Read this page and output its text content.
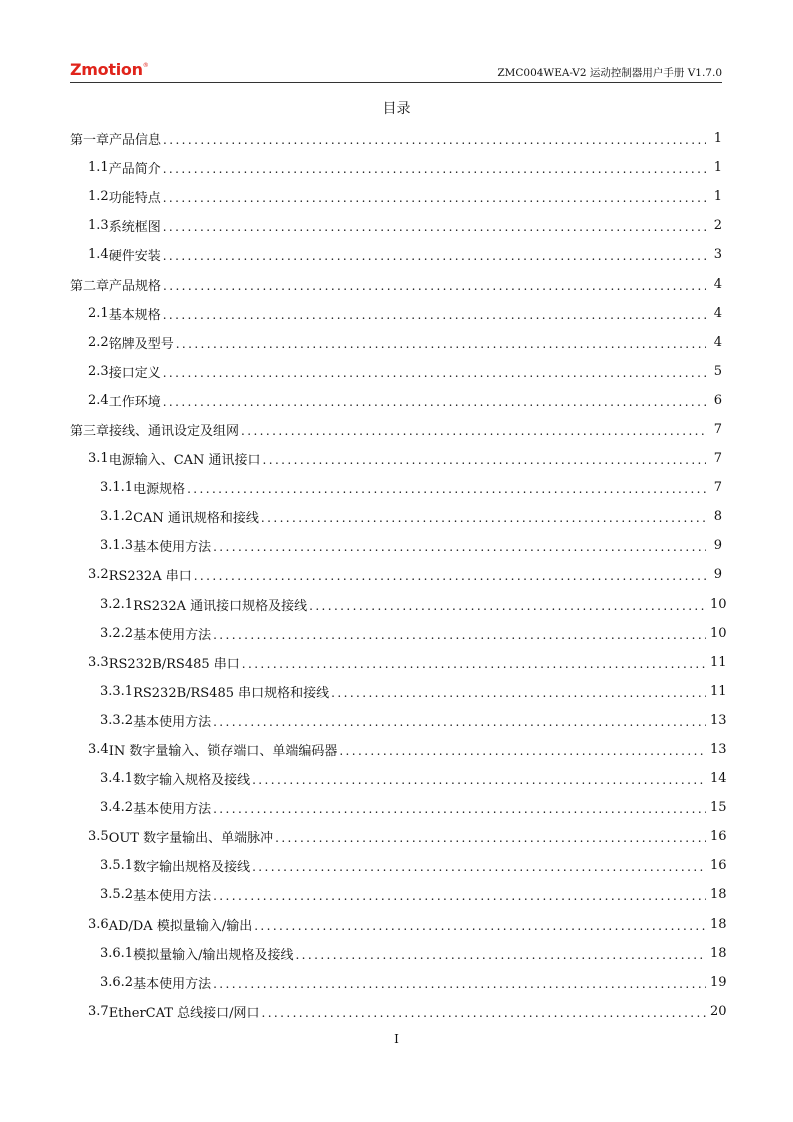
Zmotion®
ZMC004WEA-V2 运动控制器用户手册 V1.7.0
目录
第一章 产品信息 .....	1
1.1 产品简介 .....	1
1.2 功能特点 .....	1
1.3 系统框图 .....	2
1.4 硬件安装 .....	3
第二章 产品规格 .....	4
2.1 基本规格 .....	4
2.2 铭牌及型号 .....	4
2.3 接口定义 .....	5
2.4 工作环境 .....	6
第三章 接线、通讯设定及组网 .....	7
3.1 电源输入、CAN 通讯接口 .....	7
3.1.1 电源规格 .....	7
3.1.2 CAN 通讯规格和接线 .....	8
3.1.3 基本使用方法 .....	9
3.2 RS232A 串口 .....	9
3.2.1 RS232A 通讯接口规格及接线 .....	10
3.2.2 基本使用方法 .....	10
3.3 RS232B/RS485 串口 .....	11
3.3.1 RS232B/RS485 串口规格和接线 .....	11
3.3.2 基本使用方法 .....	13
3.4 IN 数字量输入、锁存端口、单端编码器 .....	13
3.4.1 数字输入规格及接线 .....	14
3.4.2 基本使用方法 .....	15
3.5 OUT 数字量输出、单端脉冲 .....	16
3.5.1 数字输出规格及接线 .....	16
3.5.2 基本使用方法 .....	18
3.6 AD/DA 模拟量输入/输出 .....	18
3.6.1 模拟量输入/输出规格及接线 .....	18
3.6.2 基本使用方法 .....	19
3.7 EtherCAT 总线接口/网口 .....	20
I
